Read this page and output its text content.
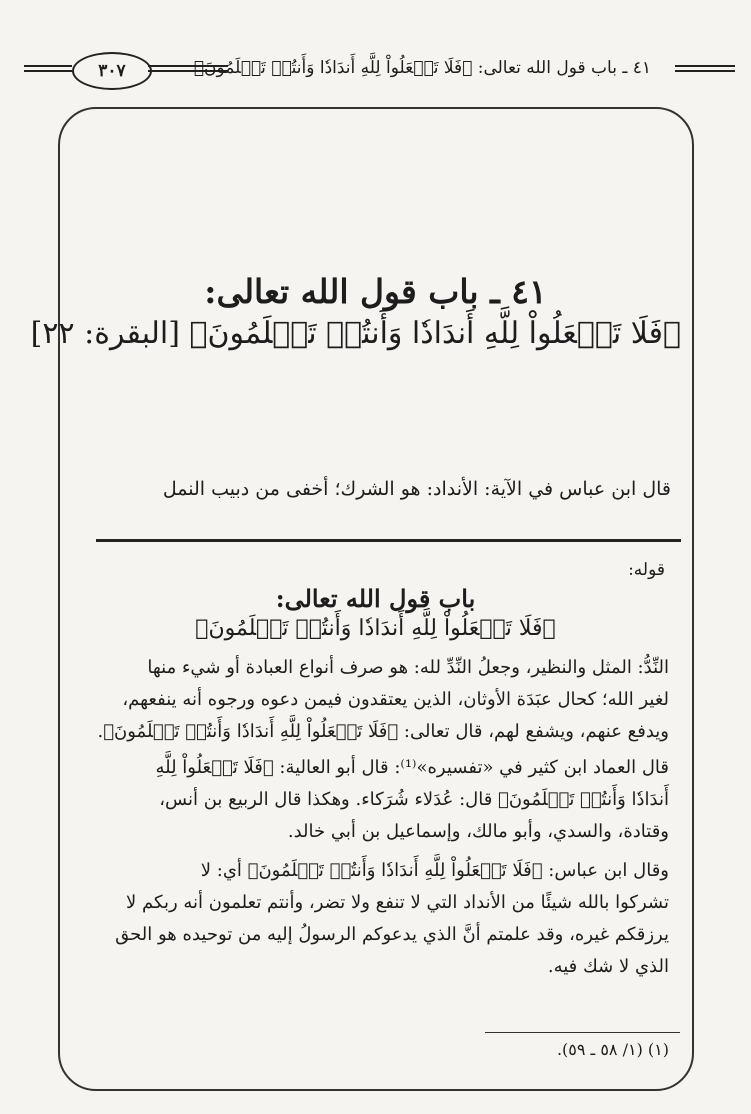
٣٠٧	٤١ ـ باب قول الله تعالى: ﴿فَلَا تَجۡعَلُواْ لِلَّهِ أَندَادٗا وَأَنتُمۡ تَعۡلَمُونَ﴾
٤١ ـ باب قول الله تعالى:
﴿فَلَا تَجۡعَلُواْ لِلَّهِ أَندَادٗا وَأَنتُمۡ تَعۡلَمُونَ﴾ [البقرة: ٢٢]
قال ابن عباس في الآية: الأنداد: هو الشرك؛ أخفى من دبيب النمل
قوله:
باب قول الله تعالى:
﴿فَلَا تَجۡعَلُواْ لِلَّهِ أَندَادٗا وَأَنتُمۡ تَعۡلَمُونَ﴾
النِّدُّ: المثل والنظير، وجعلُ النِّدِّ لله: هو صرف أنواع العبادة أو شيء منها
لغير الله؛ كحال عبَدَة الأوثان، الذين يعتقدون فيمن دعوه ورجوه أنه ينفعهم،
ويدفع عنهم، ويشفع لهم، قال تعالى: ﴿فَلَا تَجۡعَلُواْ لِلَّهِ أَندَادٗا وَأَنتُمۡ تَعۡلَمُونَ﴾.
قال العماد ابن كثير في «تفسيره»⁽¹⁾: قال أبو العالية: ﴿فَلَا تَجۡعَلُواْ لِلَّهِ
أَندَادٗا وَأَنتُمۡ تَعۡلَمُونَ﴾ قال: عُدَلاء شُرَكاء. وهكذا قال الربيع بن أنس،
وقتادة، والسدي، وأبو مالك، وإسماعيل بن أبي خالد.
وقال ابن عباس: ﴿فَلَا تَجۡعَلُواْ لِلَّهِ أَندَادٗا وَأَنتُمۡ تَعۡلَمُونَ﴾ أي: لا
تشركوا بالله شيئًا من الأنداد التي لا تنفع ولا تضر، وأنتم تعلمون أنه ربكم لا
يرزقكم غيره، وقد علمتم أنَّ الذي يدعوكم الرسولُ إليه من توحيده هو الحق
الذي لا شك فيه.
(١) (١/ ٥٨ ـ ٥٩).
